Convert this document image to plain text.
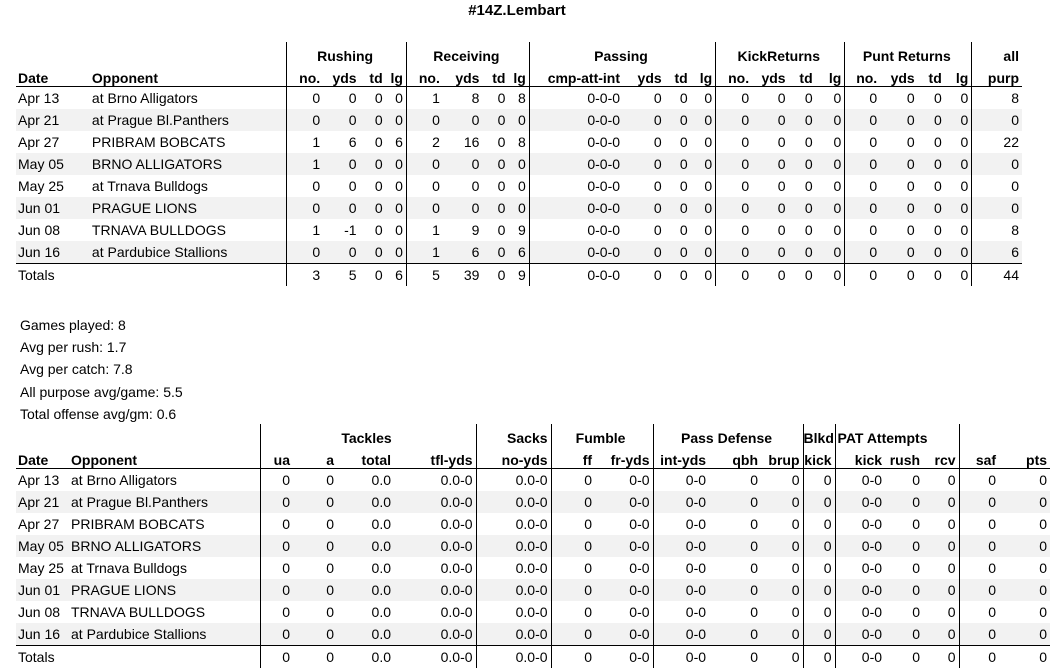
#14Z.Lembart
		Rushing				Receiving				Passing				KickReturns				Punt Returns				all
Date	Opponent	no.	yds	td	lg	no.	yds	td	lg	cmp-att-int	yds	td	lg	no.	yds	td	lg	no.	yds	td	lg	purp
Apr 13	at Brno Alligators	0	0	0	0	1	8	0	8	0-0-0	0	0	0	0	0	0	0	0	0	0	0	8
Apr 21	at Prague Bl.Panthers	0	0	0	0	0	0	0	0	0-0-0	0	0	0	0	0	0	0	0	0	0	0	0
Apr 27	PRIBRAM BOBCATS	1	6	0	6	2	16	0	8	0-0-0	0	0	0	0	0	0	0	0	0	0	0	22
May 05	BRNO ALLIGATORS	1	0	0	0	0	0	0	0	0-0-0	0	0	0	0	0	0	0	0	0	0	0	0
May 25	at Trnava Bulldogs	0	0	0	0	0	0	0	0	0-0-0	0	0	0	0	0	0	0	0	0	0	0	0
Jun 01	PRAGUE LIONS	0	0	0	0	0	0	0	0	0-0-0	0	0	0	0	0	0	0	0	0	0	0	0
Jun 08	TRNAVA BULLDOGS	1	-1	0	0	1	9	0	9	0-0-0	0	0	0	0	0	0	0	0	0	0	0	8
Jun 16	at Pardubice Stallions	0	0	0	0	1	6	0	6	0-0-0	0	0	0	0	0	0	0	0	0	0	0	6
Totals		3	5	0	6	5	39	0	9	0-0-0	0	0	0	0	0	0	0	0	0	0	0	44
Games played: 8
Avg per rush: 1.7
Avg per catch: 7.8
All purpose avg/game: 5.5
Total offense avg/gm: 0.6
		Tackles				Sacks	Fumble		Pass Defense			Blkd	PAT Attempts				
Date	Opponent	ua	a	total	tfl-yds	no-yds	ff	fr-yds	int-yds	qbh	brup	kick	kick	rush	rcv	saf	pts
Apr 13	at Brno Alligators	0	0	0.0	0.0-0	0.0-0	0	0-0	0-0	0	0	0	0-0	0	0	0	0
Apr 21	at Prague Bl.Panthers	0	0	0.0	0.0-0	0.0-0	0	0-0	0-0	0	0	0	0-0	0	0	0	0
Apr 27	PRIBRAM BOBCATS	0	0	0.0	0.0-0	0.0-0	0	0-0	0-0	0	0	0	0-0	0	0	0	0
May 05	BRNO ALLIGATORS	0	0	0.0	0.0-0	0.0-0	0	0-0	0-0	0	0	0	0-0	0	0	0	0
May 25	at Trnava Bulldogs	0	0	0.0	0.0-0	0.0-0	0	0-0	0-0	0	0	0	0-0	0	0	0	0
Jun 01	PRAGUE LIONS	0	0	0.0	0.0-0	0.0-0	0	0-0	0-0	0	0	0	0-0	0	0	0	0
Jun 08	TRNAVA BULLDOGS	0	0	0.0	0.0-0	0.0-0	0	0-0	0-0	0	0	0	0-0	0	0	0	0
Jun 16	at Pardubice Stallions	0	0	0.0	0.0-0	0.0-0	0	0-0	0-0	0	0	0	0-0	0	0	0	0
Totals		0	0	0.0	0.0-0	0.0-0	0	0-0	0-0	0	0	0	0-0	0	0	0	0
